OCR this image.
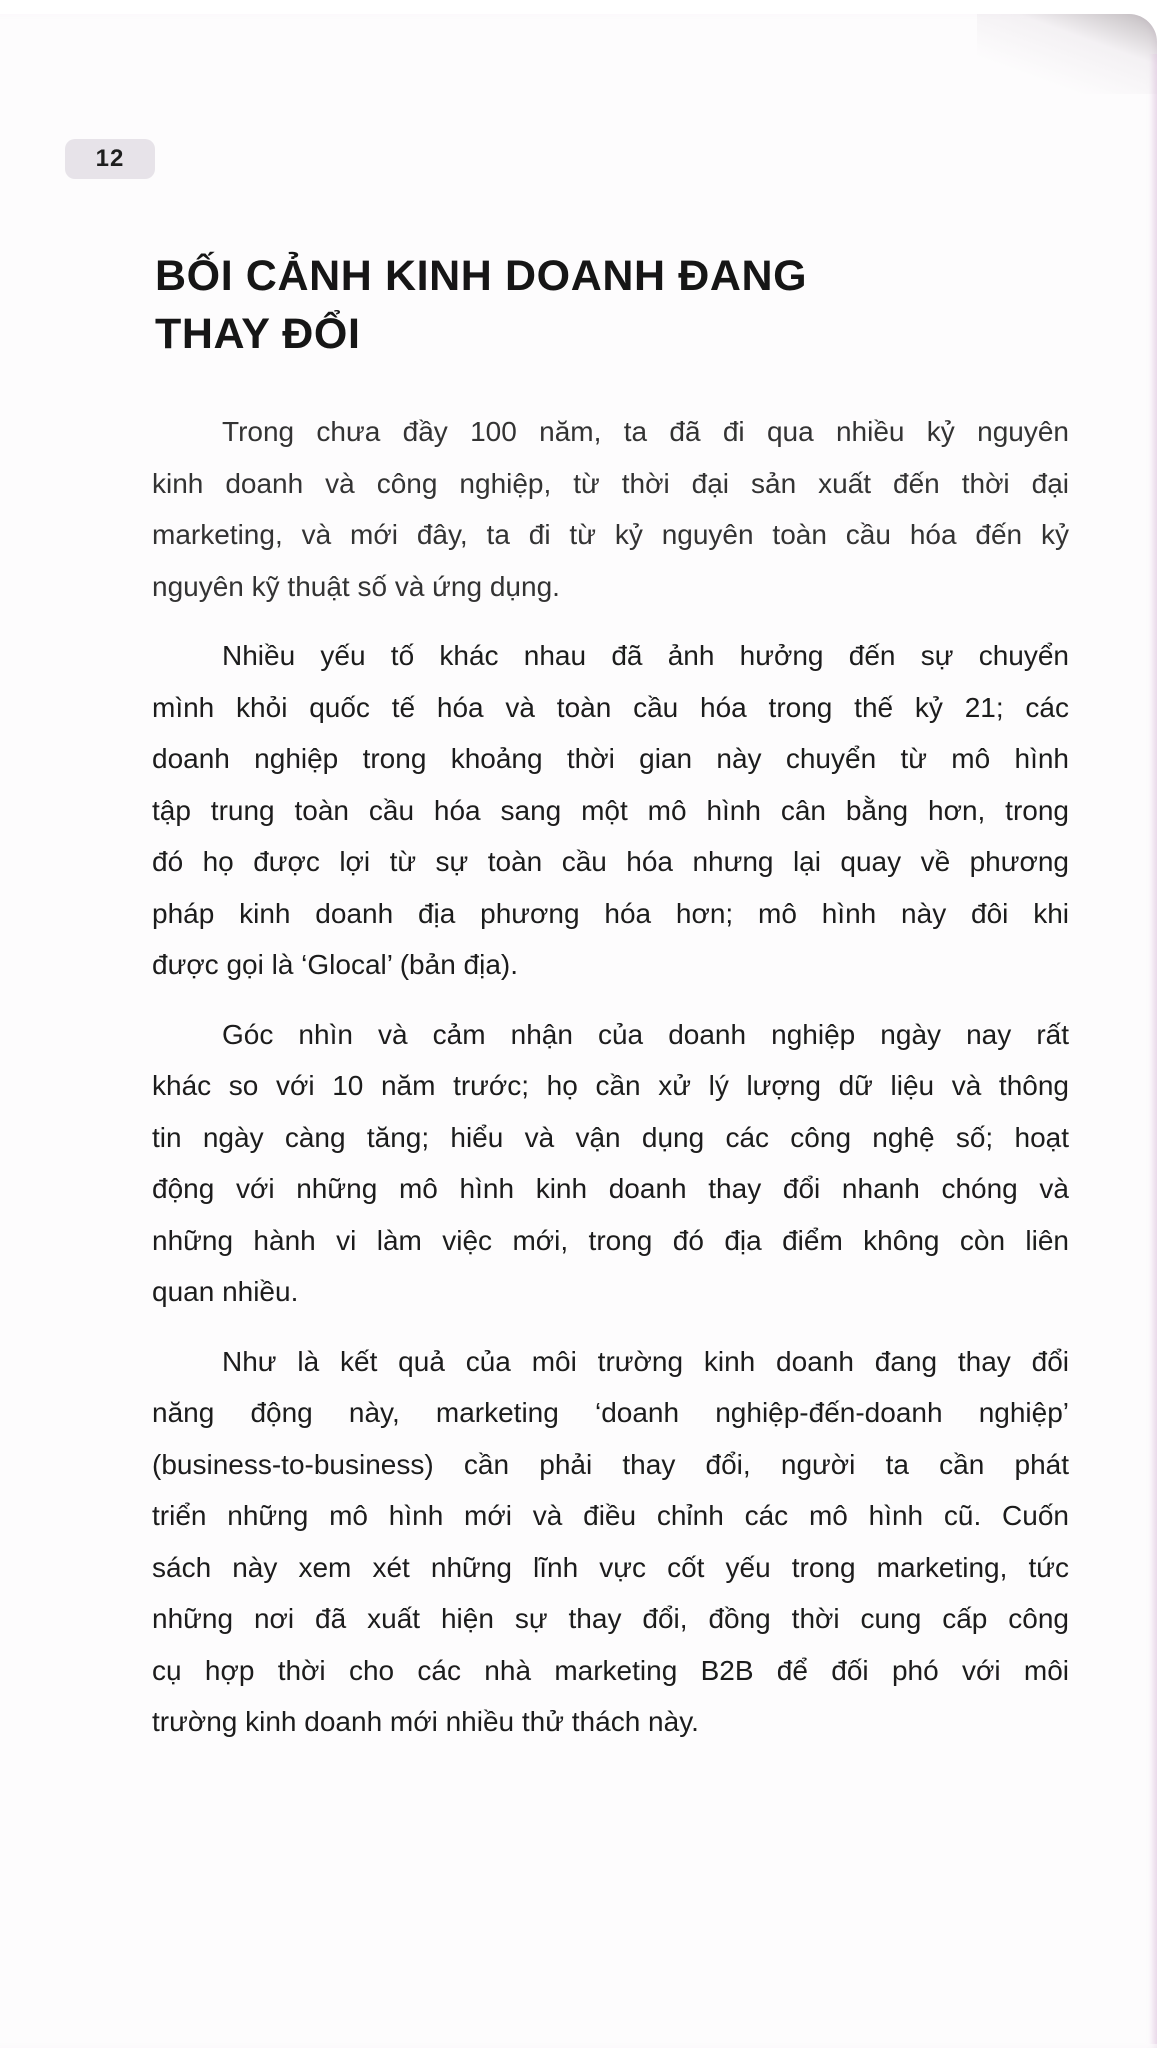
12
BỐI CẢNH KINH DOANH ĐANG
THAY ĐỔI

Trong chưa đầy 100 năm, ta đã đi qua nhiều kỷ nguyên
kinh doanh và công nghiệp, từ thời đại sản xuất đến thời đại
marketing, và mới đây, ta đi từ kỷ nguyên toàn cầu hóa đến kỷ
nguyên kỹ thuật số và ứng dụng.

Nhiều yếu tố khác nhau đã ảnh hưởng đến sự chuyển
mình khỏi quốc tế hóa và toàn cầu hóa trong thế kỷ 21; các
doanh nghiệp trong khoảng thời gian này chuyển từ mô hình
tập trung toàn cầu hóa sang một mô hình cân bằng hơn, trong
đó họ được lợi từ sự toàn cầu hóa nhưng lại quay về phương
pháp kinh doanh địa phương hóa hơn; mô hình này đôi khi
được gọi là ‘Glocal’ (bản địa).

Góc nhìn và cảm nhận của doanh nghiệp ngày nay rất
khác so với 10 năm trước; họ cần xử lý lượng dữ liệu và thông
tin ngày càng tăng; hiểu và vận dụng các công nghệ số; hoạt
động với những mô hình kinh doanh thay đổi nhanh chóng và
những hành vi làm việc mới, trong đó địa điểm không còn liên
quan nhiều.

Như là kết quả của môi trường kinh doanh đang thay đổi
năng động này, marketing ‘doanh nghiệp-đến-doanh nghiệp’
(business-to-business) cần phải thay đổi, người ta cần phát
triển những mô hình mới và điều chỉnh các mô hình cũ. Cuốn
sách này xem xét những lĩnh vực cốt yếu trong marketing, tức
những nơi đã xuất hiện sự thay đổi, đồng thời cung cấp công
cụ hợp thời cho các nhà marketing B2B để đối phó với môi
trường kinh doanh mới nhiều thử thách này.
